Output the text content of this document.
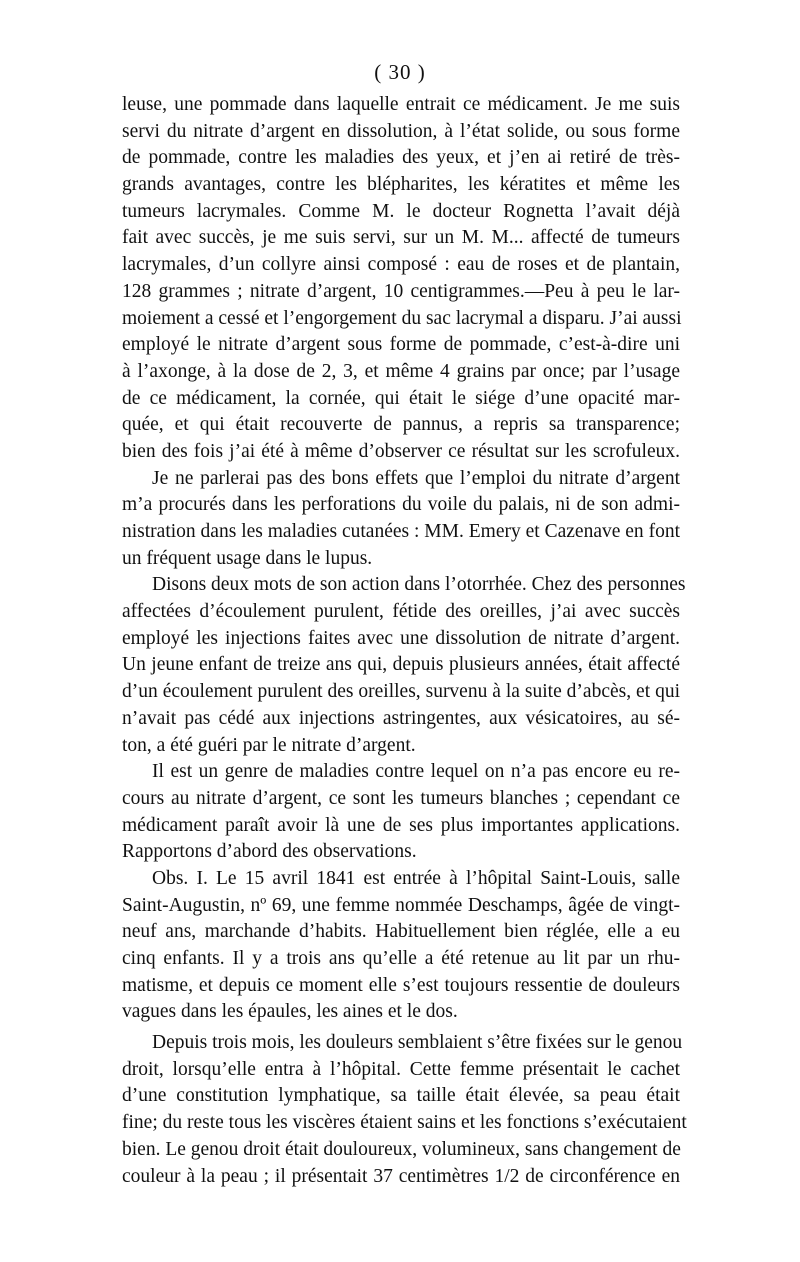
( 30 )
leuse, une pommade dans laquelle entrait ce médicament. Je me suis
servi du nitrate d’argent en dissolution, à l’état solide, ou sous forme
de pommade, contre les maladies des yeux, et j’en ai retiré de très-
grands avantages, contre les blépharites, les kératites et même les
tumeurs lacrymales. Comme M. le docteur Rognetta l’avait déjà
fait avec succès, je me suis servi, sur un M. M... affecté de tumeurs
lacrymales, d’un collyre ainsi composé : eau de roses et de plantain,
128 grammes ; nitrate d’argent, 10 centigrammes.—Peu à peu le lar-
moiement a cessé et l’engorgement du sac lacrymal a disparu. J’ai aussi
employé le nitrate d’argent sous forme de pommade, c’est-à-dire uni
à l’axonge, à la dose de 2, 3, et même 4 grains par once; par l’usage
de ce médicament, la cornée, qui était le siége d’une opacité mar-
quée, et qui était recouverte de pannus, a repris sa transparence;
bien des fois j’ai été à même d’observer ce résultat sur les scrofuleux.
Je ne parlerai pas des bons effets que l’emploi du nitrate d’argent
m’a procurés dans les perforations du voile du palais, ni de son admi-
nistration dans les maladies cutanées : MM. Emery et Cazenave en font
un fréquent usage dans le lupus.
Disons deux mots de son action dans l’otorrhée. Chez des personnes
affectées d’écoulement purulent, fétide des oreilles, j’ai avec succès
employé les injections faites avec une dissolution de nitrate d’argent.
Un jeune enfant de treize ans qui, depuis plusieurs années, était affecté
d’un écoulement purulent des oreilles, survenu à la suite d’abcès, et qui
n’avait pas cédé aux injections astringentes, aux vésicatoires, au sé-
ton, a été guéri par le nitrate d’argent.
Il est un genre de maladies contre lequel on n’a pas encore eu re-
cours au nitrate d’argent, ce sont les tumeurs blanches ; cependant ce
médicament paraît avoir là une de ses plus importantes applications.
Rapportons d’abord des observations.
Obs. I. Le 15 avril 1841 est entrée à l’hôpital Saint-Louis, salle
Saint-Augustin, nº 69, une femme nommée Deschamps, âgée de vingt-
neuf ans, marchande d’habits. Habituellement bien réglée, elle a eu
cinq enfants. Il y a trois ans qu’elle a été retenue au lit par un rhu-
matisme, et depuis ce moment elle s’est toujours ressentie de douleurs
vagues dans les épaules, les aines et le dos.
Depuis trois mois, les douleurs semblaient s’être fixées sur le genou
droit, lorsqu’elle entra à l’hôpital. Cette femme présentait le cachet
d’une constitution lymphatique, sa taille était élevée, sa peau était
fine; du reste tous les viscères étaient sains et les fonctions s’exécutaient
bien. Le genou droit était douloureux, volumineux, sans changement de
couleur à la peau ; il présentait 37 centimètres 1/2 de circonférence en
